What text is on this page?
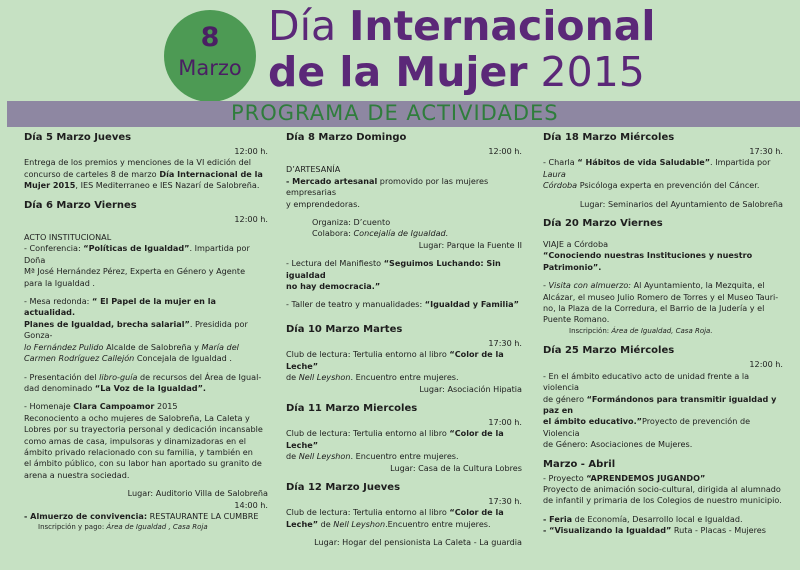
8
Marzo
Día Internacional
de la Mujer 2015
PROGRAMA DE ACTIVIDADES

Día 5 Marzo Jueves

12:00 h.

Entrega de los premios y menciones de la VI edición del

concurso de carteles 8 de marzo Día Internacional de la

Mujer 2015, IES Mediterraneo e IES Nazarí de Salobreña.

Día 6 Marzo Viernes

12:00 h.

ACTO INSTITUCIONAL

- Conferencia: “Políticas de Igualdad”. Impartida por Doña

Mª José Hernández Pérez, Experta en Género y Agente

para la Igualdad .

- Mesa redonda: “ El Papel de la mujer en la actualidad.

Planes de Igualdad, brecha salarial”. Presidida por Gonza-

lo Fernández Pulido Alcalde de Salobreña y María del

Carmen Rodríguez Callejón Concejala de Igualdad .

- Presentación del libro-guía de recursos del Área de Igual-

dad denominado “La Voz de la Igualdad”.

- Homenaje Clara Campoamor 2015

Reconociento a ocho mujeres de Salobreña, La Caleta y

Lobres por su trayectoria personal y dedicación incansable

como amas de casa, impulsoras y dinamizadoras en el

ámbito privado relacionado con su familia, y también en

el ámbito público, con su labor han aportado su granito de

arena a nuestra sociedad.

Lugar: Auditorio Villa de Salobreña

14:00 h.

- Almuerzo de convivencia: RESTAURANTE LA CUMBRE

Inscripción y pago: Área de Igualdad , Casa Roja

Día 8 Marzo Domingo

12:00 h.

D’ARTESANÍA

- Mercado artesanal promovido por las mujeres empresarias

y emprendedoras.

Organiza: D’cuento

Colabora: Concejalía de Igualdad.

Lugar: Parque la Fuente II

- Lectura del Manifiesto “Seguimos Luchando: Sin igualdad

no hay democracia.”

- Taller de teatro y manualidades: “Igualdad y Familia”

Día 10 Marzo Martes

17:30 h.

Club de lectura: Tertulia entorno al libro “Color de la Leche”

de Nell Leyshon. Encuentro entre mujeres.

Lugar: Asociación Hipatia

Día 11 Marzo Miercoles

17:00 h.

Club de lectura: Tertulia entorno al libro “Color de la Leche”

de Nell Leyshon. Encuentro entre mujeres.

Lugar: Casa de la Cultura Lobres

Día 12 Marzo Jueves

17:30 h.

Club de lectura: Tertulia entorno al libro “Color de la

Leche” de Nell Leyshon.Encuentro entre mujeres.

Lugar: Hogar del pensionista La Caleta - La guardia

Día 18 Marzo Miércoles

17:30 h.

- Charla “ Hábitos de vida Saludable”. Impartida por Laura

Córdoba Psicóloga experta en prevención del Cáncer.

Lugar: Seminarios del Ayuntamiento de Salobreña

Día 20 Marzo Viernes

VIAJE a Córdoba

“Conociendo nuestras Instituciones y nuestro Patrimonio”.

- Visita con almuerzo: Al Ayuntamiento, la Mezquita, el

Alcázar, el museo Julio Romero de Torres y el Museo Tauri-

no, la Plaza de la Corredura, el Barrio de la Judería y el

Puente Romano.

Inscripción: Área de Igualdad, Casa Roja.

Día 25 Marzo Miércoles

12:00 h.

- En el ámbito educativo acto de unidad frente a la violencia

de género “Formándonos para transmitir igualdad y paz en

el ámbito educativo.”Proyecto de prevención de Violencia

de Género: Asociaciones de Mujeres.

Marzo - Abril

- Proyecto “APRENDEMOS JUGANDO”

Proyecto de animación socio-cultural, dirigida al alumnado

de infantil y primaria de los Colegios de nuestro municipio.

- Feria de Economía, Desarrollo local e Igualdad.

- “Visualizando la Igualdad” Ruta - Placas - Mujeres
